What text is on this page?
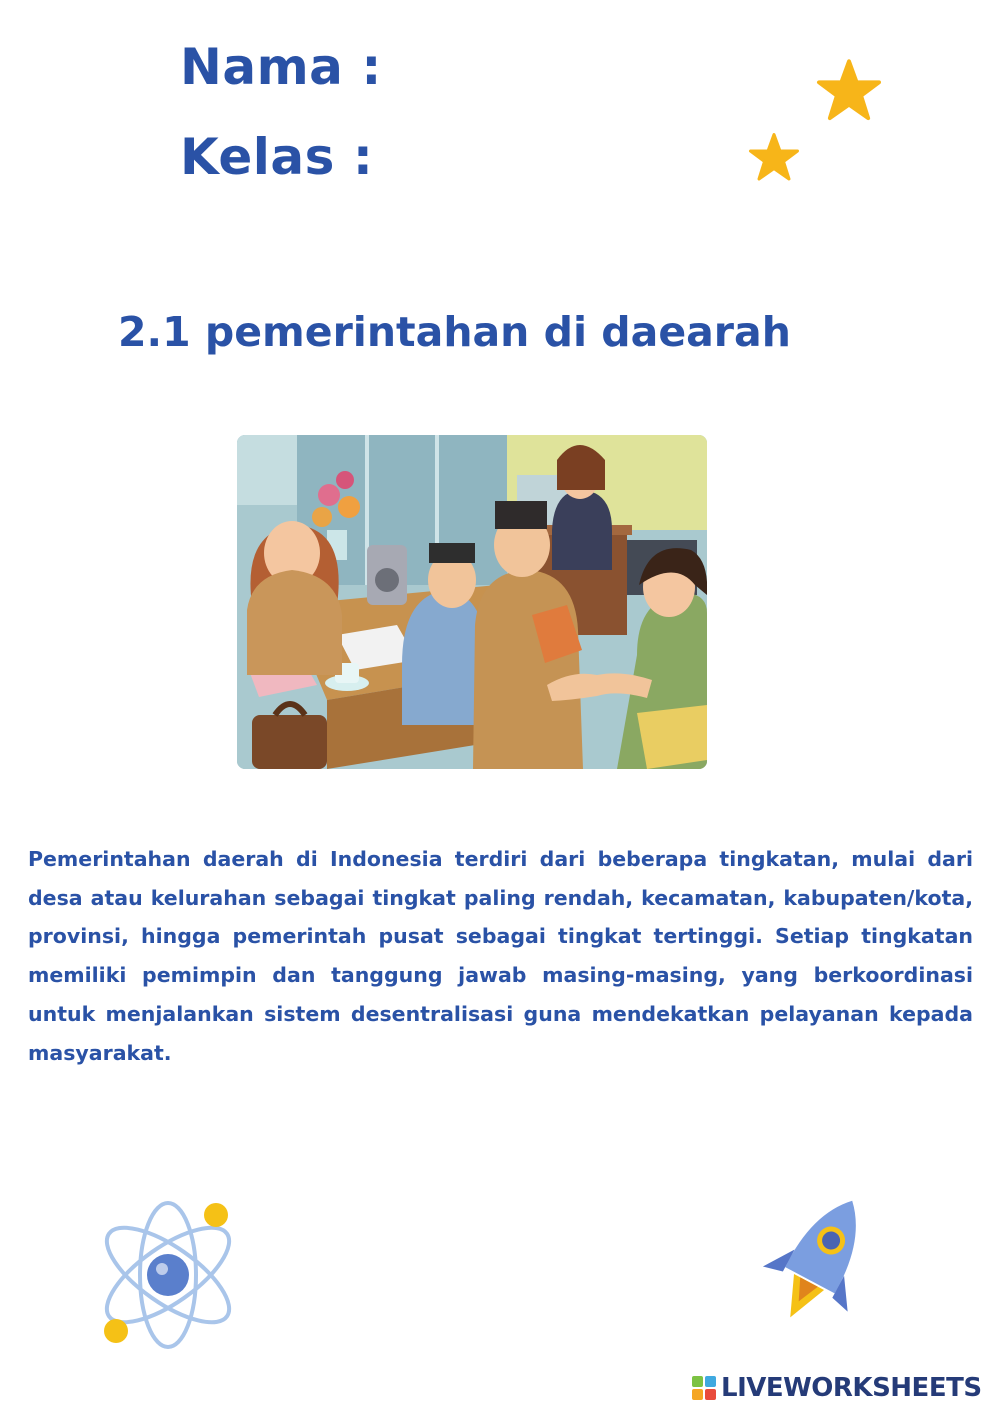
Nama :
Kelas :
2.1 pemerintahan di daearah

Pemerintahan daerah di Indonesia terdiri dari beberapa tingkatan, mulai dari desa atau kelurahan sebagai tingkat paling rendah, kecamatan, kabupaten/kota, provinsi, hingga pemerintah pusat sebagai tingkat tertinggi. Setiap tingkatan memiliki pemimpin dan tanggung jawab masing-masing, yang berkoordinasi untuk menjalankan sistem desentralisasi guna mendekatkan pelayanan kepada masyarakat.

LIVEWORKSHEETS
